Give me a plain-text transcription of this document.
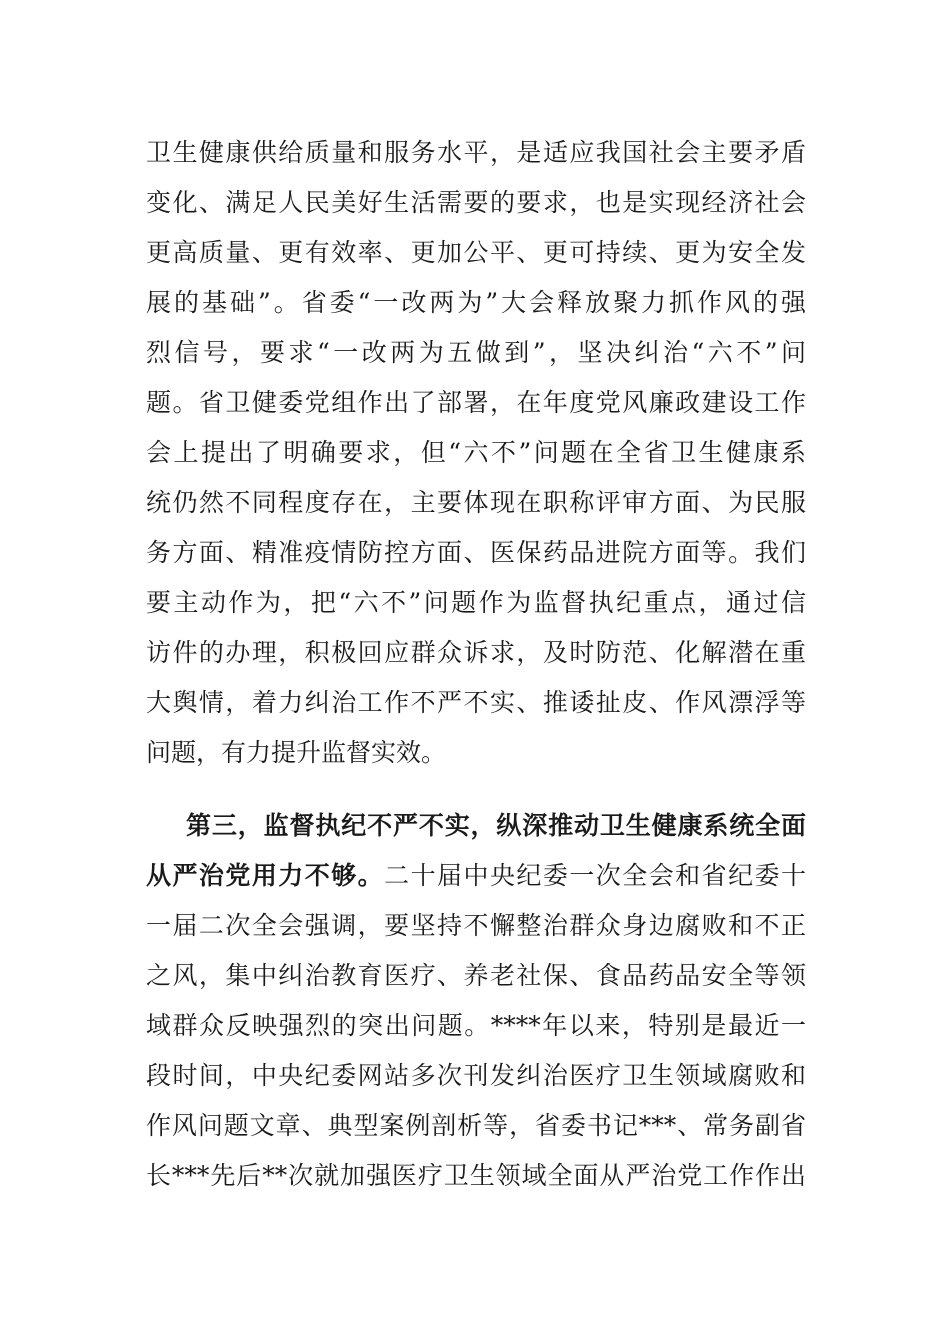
卫生健康供给质量和服务水平，是适应我国社会主要矛盾
变化、满足人民美好生活需要的要求，也是实现经济社会
更高质量、更有效率、更加公平、更可持续、更为安全发
展的基础”。省委“一改两为”大会释放聚力抓作风的强
烈信号，要求“一改两为五做到”，坚决纠治“六不”问
题。省卫健委党组作出了部署，在年度党风廉政建设工作
会上提出了明确要求，但“六不”问题在全省卫生健康系
统仍然不同程度存在，主要体现在职称评审方面、为民服
务方面、精准疫情防控方面、医保药品进院方面等。我们
要主动作为，把“六不”问题作为监督执纪重点，通过信
访件的办理，积极回应群众诉求，及时防范、化解潜在重
大舆情，着力纠治工作不严不实、推诿扯皮、作风漂浮等
问题，有力提升监督实效。
第三，监督执纪不严不实，纵深推动卫生健康系统全面
从严治党用力不够。二十届中央纪委一次全会和省纪委十
一届二次全会强调，要坚持不懈整治群众身边腐败和不正
之风，集中纠治教育医疗、养老社保、食品药品安全等领
域群众反映强烈的突出问题。****年以来，特别是最近一
段时间，中央纪委网站多次刊发纠治医疗卫生领域腐败和
作风问题文章、典型案例剖析等，省委书记***、常务副省
长***先后**次就加强医疗卫生领域全面从严治党工作作出
